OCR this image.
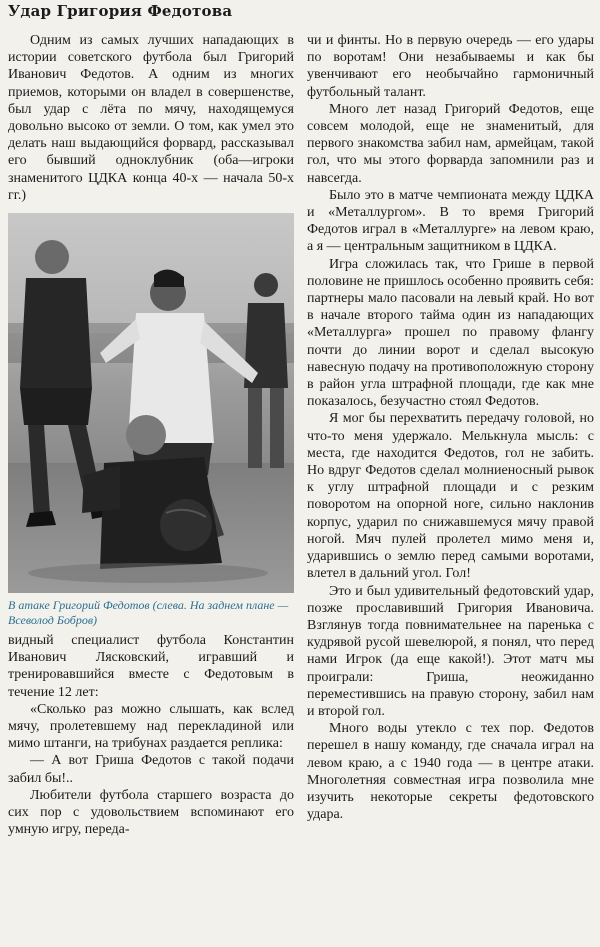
Удар Григория Федотова

Одним из самых лучших нападающих в истории советского футбола был Григорий Иванович Федотов. А одним из многих приемов, которыми он владел в совершенстве, был удар с лёта по мячу, находящемуся довольно высоко от земли. О том, как умел это делать наш выдающийся форвард, рассказывал его бывший одноклубник (оба—игроки знаменитого ЦДКА конца 40-х — начала 50-х гг.)

В атаке Григорий Федотов (слева. На заднем плане — Всеволод Бобров)

видный специалист футбола Константин Иванович Лясковский, игравший и тренировавшийся вместе с Федотовым в течение 12 лет:

«Сколько раз можно слышать, как вслед мячу, пролетевшему над перекладиной или мимо штанги, на трибунах раздается реплика:

— А вот Гриша Федотов с такой подачи забил бы!..

Любители футбола старшего возраста до сих пор с удовольствием вспоминают его умную игру, переда-

чи и финты. Но в первую очередь — его удары по воротам! Они незабываемы и как бы увенчивают его необычайно гармоничный футбольный талант.

Много лет назад Григорий Федотов, еще совсем молодой, еще не знаменитый, для первого знакомства забил нам, армейцам, такой гол, что мы этого форварда запомнили раз и навсегда.

Было это в матче чемпионата между ЦДКА и «Металлургом». В то время Григорий Федотов играл в «Металлурге» на левом краю, а я — центральным защитником в ЦДКА.

Игра сложилась так, что Грише в первой половине не пришлось особенно проявить себя: партнеры мало пасовали на левый край. Но вот в начале второго тайма один из нападающих «Металлурга» прошел по правому флангу почти до линии ворот и сделал высокую навесную подачу на противоположную сторону в район угла штрафной площади, где как мне показалось, безучастно стоял Федотов.

Я мог бы перехватить передачу головой, но что-то меня удержало. Мелькнула мысль: с места, где находится Федотов, гол не забить. Но вдруг Федотов сделал молниеносный рывок к углу штрафной площади и с резким поворотом на опорной ноге, сильно наклонив корпус, ударил по снижавшемуся мячу правой ногой. Мяч пулей пролетел мимо меня и, ударившись о землю перед самыми воротами, влетел в дальний угол. Гол!

Это и был удивительный федотовский удар, позже прославивший Григория Ивановича. Взглянув тогда повнимательнее на паренька с кудрявой русой шевелюрой, я понял, что перед нами Игрок (да еще какой!). Этот матч мы проиграли: Гриша, неожиданно переместившись на правую сторону, забил нам и второй гол.

Много воды утекло с тех пор. Федотов перешел в нашу команду, где сначала играл на левом краю, а с 1940 года — в центре атаки. Многолетняя совместная игра позволила мне изучить некоторые секреты федотовского удара.
